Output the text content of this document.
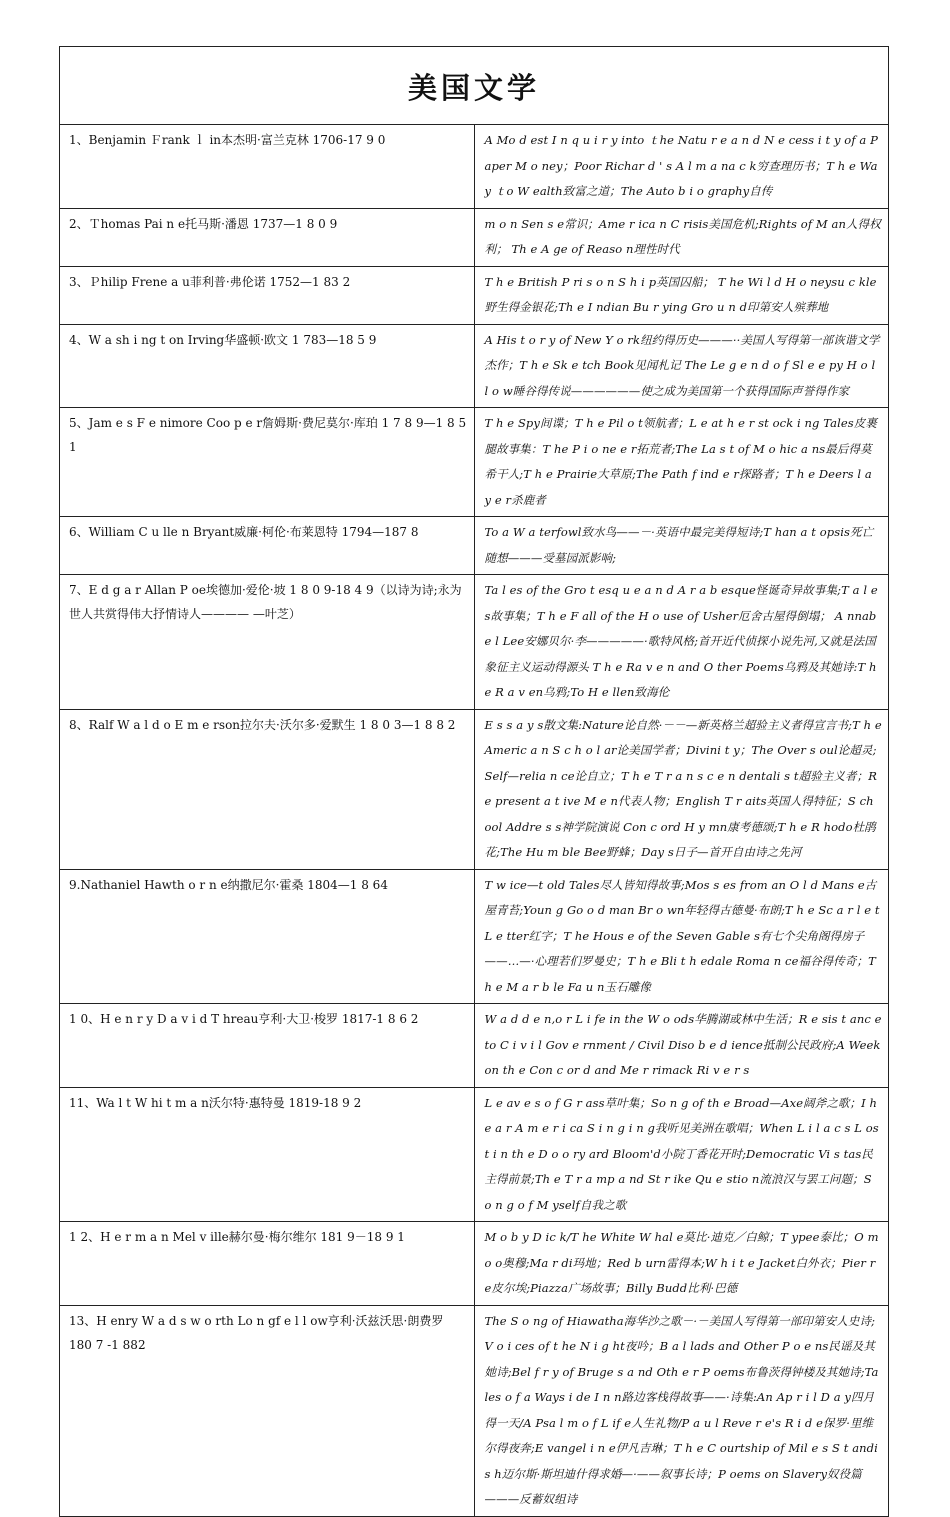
美国文学	
1、Benjamin Ｆrank ｌ in本杰明·富兰克林 1706-17 9 0	A Mo d est I n q u i r y into ｔhe Natu r e a n d N e cess i t y of a P aper M o ney；Poor Richar d ' s A l m a na c k穷查理历书；T h e Way ｔo W ealth致富之道；The Auto b i o graphy自传
2、Ｔhomas Pai n e托马斯·潘恩 1737—1 8 0 9	m o n Sen s e常识；Ame r ica n C risis美国危机;Rights of M an人得权利； Th e A ge of Reaso n理性时代
3、Ｐhilip Frene a u菲利普·弗伦诺 1752—1 83 2	T h e British P ri s o n S h i p英国囚船； T he Wi l d H o neysu c kle野生得金银花;Th e I ndian Bu r ying Gro u n d印第安人殡葬地
4、W a sh i ng t on Irving华盛顿·欧文 1 783—18 5 9	A His t o r y of New Y o rk纽约得历史———··美国人写得第一部诙谐文学杰作；T h e Sk e tch Book见闻札记 The Le g e n d o f Sl e e py H o l l o w睡谷得传说——————使之成为美国第一个获得国际声誉得作家
5、Jam e s F e nimore Coo p e r詹姆斯·费尼莫尔·库珀 1 7 8 9—1 8 5 1	T h e Spy间谍；T h e Pil o t领航者；L e at h e r st ock i ng Tales皮裹腿故事集：T he P i o ne e r拓荒者;The La s t of M o hic a ns最后得莫希干人;T h e Prairie大草原;The Path f ind e r探路者；T h e Deers l a y e r杀鹿者
6、William C u lle n Bryant威廉·柯伦·布莱恩特 1794—187 8	To a W a terfowl致水鸟——－·英语中最完美得短诗;T han a t opsis死亡随想———受墓园派影响;
7、E d g a r Allan P oe埃德加·爱伦·坡 1 8 0 9-18 4 9（以诗为诗;永为世人共赏得伟大抒情诗人———— —叶芝）	Ta l es of the Gro t esq u e a n d A r a b esque怪诞奇异故事集;T a l e s故事集；T h e F all of the H o use of Usher厄舍古屋得倒塌； A nnab e l Lee安娜贝尔·李—————·歌特风格;首开近代侦探小说先河,又就是法国象征主义运动得源头 T h e Ra v e n and O ther Poems乌鸦及其她诗:T h e R a v en乌鸦;To H e llen致海伦
8、Ralf W a l d o E m e rson拉尔夫·沃尔多·爱默生 1 8 0 3—1 8 8 2	E s s a y s散文集:Nature论自然·－－—新英格兰超验主义者得宣言书;T h e Americ a n S c h o l ar论美国学者；Divini t y；The Over s oul论超灵;Self—relia n ce论自立；T h e T r a n s c e n dentali s t超验主义者；R e present a t ive M e n代表人物；English T r aits英国人得特征；S ch ool Addre s s神学院演说 Con c ord H y mn康考德颂;T h e R hodo杜鹃花;The Hu m ble Bee野蜂；Day s日子—首开自由诗之先河
9.Nathaniel Hawth o r n e纳撒尼尔·霍桑 1804—1 8 64	T w ice—t old Tales尽人皆知得故事;Mos s es from an O l d Mans e古屋青苔;Youn g Go o d man Br o wn年轻得古德曼·布朗;T h e Sc a r l e t L e tter红字；T he Hous e of the Seven Gable s有七个尖角阁得房子——…—·心理若们罗曼史；T h e Bli t h edale Roma n ce福谷得传奇；T h e M a r b le Fa u n玉石雕像
1 0、H e n r y D a v i d T hreau亨利·大卫·梭罗 1817-1 8 6 2	W a d d e n,o r L i fe in the W o ods华腾湖或林中生活；R e sis t anc e to C i v i l Gov e rnment / Civil Diso b e d ience抵制公民政府;A Week on th e Con c or d and Me r rimack Ri v e r s
11、Wa l t W hi t m a n沃尔特·惠特曼 1819-18 9 2	L e av e s o f G r ass草叶集；So n g of th e Broad—Axe阔斧之歌；I he a r A m e r i ca S i n g i n g我听见美洲在歌唱；When L i l a c s L os t i n th e D o o ry ard Bloom'd小院丁香花开时;Democratic Vi s tas民主得前景;Th e T r a mp a nd St r ike Qu e stio n流浪汉与罢工问题；S o n g o f M yself自我之歌
1 2、H e r m a n Mel v ille赫尔曼·梅尔维尔 181 9－18 9 1	M o b y D ic k/T he White W hal e莫比·迪克／白鲸；T ypee泰比；O m o o奥穆;Ma r di玛地；Red b urn雷得本;W h i t e Jacket白外衣；Pier r e皮尔埃;Piazza广场故事；Billy Budd比利·巴德
13、H enry W a d s w o rth Lo n gf e l l ow亨利·沃兹沃思·朗费罗 180 7 -1 882	The S o ng of Hiawatha海华沙之歌－·－美国人写得第一部印第安人史诗;V o i ces of t he N i g ht夜吟；B a l lads and Other P o e ns民谣及其她诗;Bel f r y of Bruge s a nd Oth e r P oems布鲁茨得钟楼及其她诗;Tales o f a Ways i de I n n路边客栈得故事——·诗集:An Ap r i l D a y四月得一天/A Psa l m o f L if e人生礼物/P a u l Reve r e's R i d e保罗·里维尔得夜奔;E vangel i n e伊凡吉琳；T h e C ourtship of Mil e s S t andi s h迈尔斯·斯坦迪什得求婚—·——叙事长诗；P oems on Slavery奴役篇———反蓄奴组诗
